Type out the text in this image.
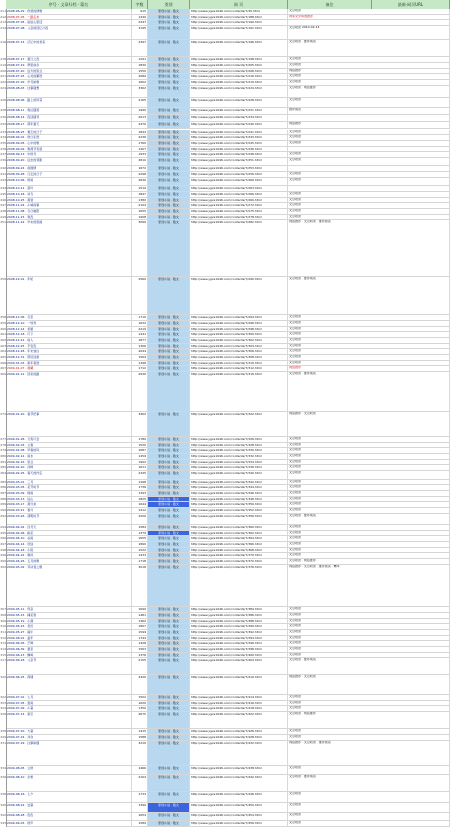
序号 · 文章归档 · 篇名	字数	类别	网 页	备注	最新·网页URL
211 2008-06-29 · 伤感的情歌	915	原创小说 · 散文	http://www.ygxs1946.com/contents/7/35.html	文章收录
212 2008-07-05 · 一路走来	1440	原创小说 · 散文	http://www.ygxs1946.com/contents/7/188.html	网易文学频道推荐
213 2008-07-05 · 说说心里话	2347	原创小说 · 散文	http://www.ygxs1946.com/contents/7/190.html
214 2008-07-08 · 父亲的回忆片段	3195	原创小说 · 散文	http://www.ygxs1946.com/contents/7/191.html	文章收录 2010-02-13
216 2008-07-14 · 记忆中的老家	2397	原创小说 · 散文	http://www.ygxs1946.com/contents/7/196.html	文章收录 · 推荐阅读
218 2008-07-17 · 夏日之夜	1291	原创小说 · 散文	http://www.ygxs1946.com/contents/7/198.html	文章收录
219 2008-07-19 · 梦里故乡	1830	原创小说 · 散文	http://www.ygxs1946.com/contents/7/205.html	文章收录
220 2008-07-20 · 远方的思念	1550	原创小说 · 散文	http://www.ygxs1946.com/contents/7/206.html	网站推荐
221 2008-07-25 · 心灵的絮语	2089	原创小说 · 散文	http://www.ygxs1946.com/contents/7/216.html	文章收录
222 2008-07-29 · 岁月如歌	1602	原创小说 · 散文	http://www.ygxs1946.com/contents/7/219.html	文章收录
224 2008-08-03 · 往事随想	3302	原创小说 · 散文	http://www.ygxs1946.com/contents/7/224.html	文章收录 · 网站推荐
226 2008-08-06 · 路上的风景	2165	原创小说 · 散文	http://www.ygxs1946.com/contents/7/228.html	文章收录
228 2008-08-11 · 奥运随感	1990	原创小说 · 散文	http://www.ygxs1946.com/contents/7/231.html	推荐阅读
230 2008-08-14 · 夜读随笔	2013	原创小说 · 散文	http://www.ygxs1946.com/contents/7/234.html
232 2008-08-17 · 那年夏天	2470	原创小说 · 散文	http://www.ygxs1946.com/contents/7/240.html	网站推荐
233 2008-08-25 · 难忘的日子	1844	原创小说 · 散文	http://www.ygxs1946.com/contents/7/241.html	文章收录
234 2008-09-01 · 秋日私语	2236	原创小说 · 散文	http://www.ygxs1946.com/contents/7/243.html	文章收录
235 2008-09-05 · 心中的歌	1760	原创小说 · 散文	http://www.ygxs1946.com/contents/7/245.html	文章收录
236 2008-09-09 · 教师节有感	1407	原创小说 · 散文	http://www.ygxs1946.com/contents/7/246.html
237 2008-09-13 · 中秋月	1933	原创小说 · 散文	http://www.ygxs1946.com/contents/7/248.html	文章收录
239 2008-09-20 · 远去的背影	2810	原创小说 · 散文	http://www.ygxs1946.com/contents/7/251.html	文章收录
240 2008-09-24 · 故园情	1672	原创小说 · 散文	http://www.ygxs1946.com/contents/7/253.html
241 2008-09-28 · 行走的日子	2298	原创小说 · 散文	http://www.ygxs1946.com/contents/7/256.html	文章收录
243 2008-10-06 · 秋雨	2630	原创小说 · 散文	http://www.ygxs1946.com/contents/7/260.html	文章收录
244 2008-10-12 · 落叶	1519	原创小说 · 散文	http://www.ygxs1946.com/contents/7/263.html
245 2008-10-18 · 初冬	1847	原创小说 · 散文	http://www.ygxs1946.com/contents/7/266.html	文章收录
246 2008-10-25 · 黄昏	1380	原创小说 · 散文	http://www.ygxs1946.com/contents/7/269.html	文章收录
247 2008-11-02 · 小城故事	2104	原创小说 · 散文	http://www.ygxs1946.com/contents/7/272.html	文章收录
248 2008-11-08 · 冬日暖阳	1655	原创小说 · 散文	http://www.ygxs1946.com/contents/7/275.html	文章收录
249 2008-11-15 · 寒夜	1908	原创小说 · 散文	http://www.ygxs1946.com/contents/7/278.html	文章收录
251 2008-11-22 · 岁末的思绪	3090	原创小说 · 散文	http://www.ygxs1946.com/contents/7/282.html	网站推荐 · 文章收录 · 推荐阅读
256 2008-12-01 · 年轮	2560	原创小说 · 散文	http://www.ygxs1946.com/contents/7/290.html	文章收录 · 推荐阅读
258 2008-12-06 · 冬至	1710	原创小说 · 散文	http://www.ygxs1946.com/contents/7/294.html	文章收录
259 2008-12-10 · 一场雪	1632	原创小说 · 散文	http://www.ygxs1946.com/contents/7/296.html	文章收录
260 2008-12-14 · 老屋	2219	原创小说 · 散文	http://www.ygxs1946.com/contents/7/298.html	文章收录
261 2008-12-18 · 灯下	1441	原创小说 · 散文	http://www.ygxs1946.com/contents/7/300.html	文章收录
262 2008-12-21 · 故人	1877	原创小说 · 散文	http://www.ygxs1946.com/contents/7/302.html	文章收录
263 2008-12-25 · 平安夜	1306	原创小说 · 散文	http://www.ygxs1946.com/contents/7/304.html	文章收录
264 2008-12-28 · 年末独白	2044	原创小说 · 散文	http://www.ygxs1946.com/contents/7/306.html	文章收录
265 2008-12-31 · 辞旧迎新	1564	原创小说 · 散文	http://www.ygxs1946.com/contents/7/308.html	文章收录
266 2009-01-03 · 新年寄语	1398	原创小说 · 散文	http://www.ygxs1946.com/contents/7/310.html	文章收录
267 2009-01-07 · 晨曦	1712	原创小说 · 散文	http://www.ygxs1946.com/contents/7/312.html	网站推荐
269 2009-01-12 · 回家的路	2930	原创小说 · 散文	http://www.ygxs1946.com/contents/7/316.html	文章收录 · 推荐阅读
274 2009-01-20 · 春节纪事	3402	原创小说 · 散文	http://www.ygxs1946.com/contents/7/322.html	网站推荐 · 文章收录
277 2009-01-28 · 元宵灯会	1780	原创小说 · 散文	http://www.ygxs1946.com/contents/7/326.html	文章收录
278 2009-02-03 · 立春	1520	原创小说 · 散文	http://www.ygxs1946.com/contents/7/328.html	文章收录
279 2009-02-08 · 早春的风	1687	原创小说 · 散文	http://www.ygxs1946.com/contents/7/330.html	文章收录
280 2009-02-12 · 雨水	1459	原创小说 · 散文	http://www.ygxs1946.com/contents/7/332.html	文章收录
281 2009-02-16 · 思念	1902	原创小说 · 散文	http://www.ygxs1946.com/contents/7/334.html	文章收录
282 2009-02-20 · 河畔	1611	原创小说 · 散文	http://www.ygxs1946.com/contents/7/336.html	文章收录
284 2009-02-25 · 春天的约定	2345	原创小说 · 散文	http://www.ygxs1946.com/contents/7/340.html	文章收录
285 2009-03-01 · 三月	1498	原创小说 · 散文	http://www.ygxs1946.com/contents/7/342.html	文章收录
286 2009-03-05 · 花开时节	1736	原创小说 · 散文	http://www.ygxs1946.com/contents/7/344.html	文章收录
287 2009-03-09 · 细雨	1393	原创小说 · 散文	http://www.ygxs1946.com/contents/7/346.html	文章收录
288 2009-03-13 · 远山	1825	原创小说 · 散文	http://www.ygxs1946.com/contents/7/348.html	文章收录
289 2009-03-17 · 燕归来	1644	原创小说 · 散文	http://www.ygxs1946.com/contents/7/350.html	文章收录
290 2009-03-21 · 春分	1412	原创小说 · 散文	http://www.ygxs1946.com/contents/7/352.html	文章收录
292 2009-03-26 · 清明时节	2250	原创小说 · 散文	http://www.ygxs1946.com/contents/7/356.html	文章收录 · 推荐阅读
294 2009-04-02 · 四月天	1584	原创小说 · 散文	http://www.ygxs1946.com/contents/7/360.html	文章收录
295 2009-04-06 · 桃花	1379	原创小说 · 散文	http://www.ygxs1946.com/contents/7/362.html	文章收录
296 2009-04-10 · 谷雨	1655	原创小说 · 散文	http://www.ygxs1946.com/contents/7/364.html	文章收录
297 2009-04-14 · 旧信	1890	原创小说 · 散文	http://www.ygxs1946.com/contents/7/366.html	文章收录
298 2009-04-18 · 小院	1522	原创小说 · 散文	http://www.ygxs1946.com/contents/7/368.html	文章收录
299 2009-04-22 · 晚风	1433	原创小说 · 散文	http://www.ygxs1946.com/contents/7/370.html	文章收录
300 2009-04-26 · 五月的歌	1718	原创小说 · 散文	http://www.ygxs1946.com/contents/7/372.html	文章收录 · 网站推荐
302 2009-05-02 · 劳动者之歌	3016	原创小说 · 散文	http://www.ygxs1946.com/contents/7/376.html	网站推荐 · 文章收录 · 推荐阅读 · 精华
307 2009-05-11 · 母亲	1690	原创小说 · 散文	http://www.ygxs1946.com/contents/7/384.html	文章收录
308 2009-05-15 · 槐花香	1481	原创小说 · 散文	http://www.ygxs1946.com/contents/7/386.html	文章收录
309 2009-05-19 · 小满	1362	原创小说 · 散文	http://www.ygxs1946.com/contents/7/388.html	文章收录
310 2009-05-23 · 麦田	1807	原创小说 · 散文	http://www.ygxs1946.com/contents/7/390.html	文章收录
311 2009-05-27 · 端午	1599	原创小说 · 散文	http://www.ygxs1946.com/contents/7/392.html	文章收录
312 2009-06-01 · 童年	1744	原创小说 · 散文	http://www.ygxs1946.com/contents/7/394.html	文章收录
313 2009-06-05 · 芒种	1428	原创小说 · 散文	http://www.ygxs1946.com/contents/7/396.html	文章收录
314 2009-06-09 · 夏至	1563	原创小说 · 散文	http://www.ygxs1946.com/contents/7/398.html	文章收录
315 2009-06-13 · 蝉鸣	1376	原创小说 · 散文	http://www.ygxs1946.com/contents/7/400.html	文章收录
317 2009-06-18 · 父亲节	2155	原创小说 · 散文	http://www.ygxs1946.com/contents/7/404.html	文章收录 · 推荐阅读
320 2009-06-25 · 荷塘	2420	原创小说 · 散文	http://www.ygxs1946.com/contents/7/410.html	网站推荐 · 文章收录
322 2009-07-01 · 七月	1502	原创小说 · 散文	http://www.ygxs1946.com/contents/7/414.html	文章收录
323 2009-07-05 · 雷雨	1620	原创小说 · 散文	http://www.ygxs1946.com/contents/7/416.html	文章收录
324 2009-07-09 · 小暑	1350	原创小说 · 散文	http://www.ygxs1946.com/contents/7/418.html	文章收录
326 2009-07-14 · 星空	2675	原创小说 · 散文	http://www.ygxs1946.com/contents/7/422.html	文章收录 · 网站推荐
328 2009-07-20 · 大暑	1415	原创小说 · 散文	http://www.ygxs1946.com/contents/7/426.html	文章收录
329 2009-07-24 · 井台	1588	原创小说 · 散文	http://www.ygxs1946.com/contents/7/428.html	文章收录
331 2009-07-29 · 往事如烟	3210	原创小说 · 散文	http://www.ygxs1946.com/contents/7/432.html	网站推荐 · 文章收录 · 推荐阅读
334 2009-08-05 · 立秋	1466	原创小说 · 散文	http://www.ygxs1946.com/contents/7/438.html	文章收录
336 2009-08-10 · 乡愁	2104	原创小说 · 散文	http://www.ygxs1946.com/contents/7/442.html	文章收录 · 推荐阅读
338 2009-08-16 · 七夕	1733	原创小说 · 散文	http://www.ygxs1946.com/contents/7/446.html	文章收录
340 2009-08-22 · 处暑	1390	原创小说 · 散文	http://www.ygxs1946.com/contents/7/450.html	文章收录
342 2009-08-28 · 夜色	1654	原创小说 · 散文	http://www.ygxs1946.com/contents/7/454.html	文章收录
343 2009-09-03 · 秋声	1589	原创小说 · 散文	http://www.ygxs1946.com/contents/7/456.html	文章收录
